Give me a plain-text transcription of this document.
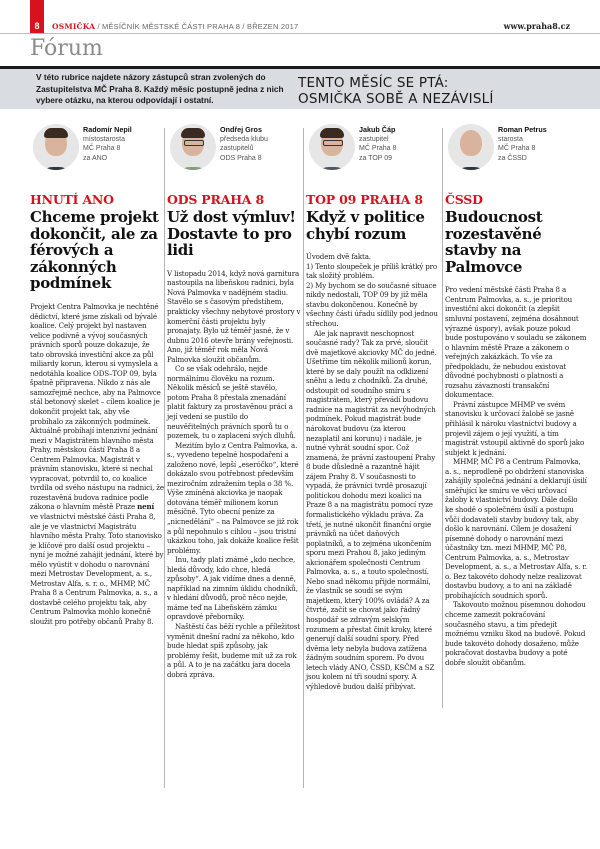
8	OSMIČKA / MĚSÍČNÍK MĚSTSKÉ ČÁSTI PRAHA 8 / BŘEZEN 2017	www.praha8.cz
Fórum
V této rubrice najdete názory zástupců stran zvolených do Zastupitelstva MČ Praha 8. Každý měsíc postupně jedna z nich vybere otázku, na kterou odpovídají i ostatní.
TENTO MĚSÍC SE PTÁ:
OSMIČKA SOBĚ A NEZÁVISLÍ
Radomír Nepil
místostarosta
MČ Praha 8
za ANO
HNUTÍ ANO
Chceme projekt dokončit, ale za férových a zákonných podmínek

Projekt Centra Palmovka je nechtěné dědictví, které jsme získali od bývalé koalice. Celý projekt byl nastaven velice podivně a vývoj současných právních sporů pouze dokazuje, že tato obrovská investiční akce za půl miliardy korun, kterou si vymyslela a nedotáhla koalice ODS–TOP 09, byla špatně připravena. Nikdo z nás ale samozřejmě nechce, aby na Palmovce stál betonový skelet – cílem koalice je dokončit projekt tak, aby vše probíhalo za zákonných podmínek. Aktuálně probíhají intenzivní jednání mezi v Magistrátem hlavního města Prahy, městskou částí Praha 8 a Centrem Palmovka. Magistrát v právním stanovisku, které si nechal vypracovat, potvrdil to, co koalice tvrdila od svého nástupu na radnici, že rozestavěná budova radnice podle zákona o hlavním městě Praze není ve vlastnictví městské části Praha 8, ale je ve vlastnictví Magistrátu hlavního města Prahy. Toto stanovisko je klíčové pro další osud projektu – nyní je možné zahájit jednání, které by mělo vyústit v dohodu o narovnání mezi Metrostav Development, a. s., Metrostav Alfa, s. r. o., MHMP, MČ Praha 8 a Centrum Palmovka, a. s., a dostavbě celého projektu tak, aby Centrum Palmovka mohlo konečně sloužit pro potřeby občanů Prahy 8.

Ondřej Gros
předseda klubu
zastupitelů
ODS Praha 8
ODS PRAHA 8
Už dost výmluv! Dostavte to pro lidi

V listopadu 2014, když nová garnitura nastoupila na libeňskou radnici, byla Nová Palmovka v nadějném stadiu. Stavělo se s časovým předstihem, prakticky všechny nebytové prostory v komerční části projektu byly pronajaty. Bylo už téměř jasné, že v dubnu 2016 otevře brány veřejnosti. Ano, již téměř rok měla Nová Palmovka sloužit občanům.

Co se však odehrálo, nejde normálnímu člověku na rozum. Několik měsíců se ještě stavělo, potom Praha 8 přestala znenadání platit faktury za prostavěnou práci a její vedení se pustilo do neuvěřitelných právních sporů tu o pozemek, tu o zaplacení svých dluhů.

Mezitím bylo z Centra Palmovka, a. s., vyvedeno tepelné hospodaření a založeno nové, lepší „eseróčko“, které dokázalo svou potřebnost především meziročním zdražením tepla o 38 %. Výše zmíněná akciovka je naopak dotována téměř milionem korun měsíčně. Tyto obecní peníze za „nicnedělání“ – na Palmovce se již rok a půl nepohnulo s cihlou – jsou tristní ukázkou toho, jak dokáže koalice řešit problémy.

Inu, tady platí známé „kdo nechce, hledá důvody, kdo chce, hledá způsoby“. A jak vidíme dnes a denně, například na zimním úklidu chodníků, v hledání důvodů, proč něco nejde, máme teď na Libeňském zámku opravdové přeborníky.

Naštěstí čas běží rychle a příležitost vyměnit dnešní radní za někoho, kdo bude hledat spíš způsoby, jak problémy řešit, budeme mít už za rok a půl. A to je na začátku jara docela dobrá zpráva.

Jakub Čáp
zastupitel
MČ Praha 8
za TOP 09
TOP 09 PRAHA 8
Když v politice chybí rozum

Úvodem dvě fakta.

1) Tento sloupeček je příliš krátký pro tak složitý problém.

2) My bychom se do současné situace nikdy nedostali, TOP 09 by již měla stavbu dokončenou. Konečně by všechny části úřadu sídlily pod jednou střechou.

Ale jak napravit neschopnost současné rady? Tak za prvé, sloučit dvě majetkové akciovky MČ do jedné. Ušetříme tím několik milionů korun, které by se daly použít na odklizení sněhu a ledu z chodníků. Za druhé, odstoupit od soudního smíru s magistrátem, který převádí budovu radnice na magistrát za nevýhodných podmínek. Pokud magistrát bude nárokovat budovu (za kterou nezaplatil ani korunu) i nadále, je nutné vyhrát soudní spor. Což znamená, že právní zastoupení Prahy 8 bude důsledně a razantně hájit zájem Prahy 8. V současnosti to vypadá, že právníci tvrdě prosazují politickou dohodu mezi koalicí na Praze 8 a na magistrátu pomocí ryze formalistického výkladu práva. Za třetí, je nutné ukončit finanční orgie právníků na účet daňových poplatníků, a to zejména ukončením sporu mezi Prahou 8, jako jediným akcionářem společnosti Centrum Palmovka, a. s., a touto společností. Nebo snad někomu přijde normální, že vlastník se soudí se svým majetkem, který 100% ovládá? A za čtvrté, začít se chovat jako řádný hospodář se zdravým selským rozumem a přestat činit kroky, které generují další soudní spory. Před dvěma lety nebyla budova zatížena žádným soudním sporem. Po dvou letech vlády ANO, ČSSD, KSČM a SZ jsou kolem ní tři soudní spory. A výhledově budou další přibývat.

Roman Petrus
starosta
MČ Praha 8
za ČSSD
ČSSD
Budoucnost rozestavěné stavby na Palmovce

Pro vedení městské části Praha 8 a Centrum Palmovka, a. s., je prioritou investiční akci dokončit (a zlepšit smluvní postavení, zejména dosáhnout výrazné úspory), avšak pouze pokud bude postupováno v souladu se zákonem o hlavním městě Praze a zákonem o veřejných zakázkách. To vše za předpokladu, že nebudou existovat důvodné pochybnosti o platnosti a rozsahu závaznosti transakční dokumentace.

Právní zástupce MHMP ve svém stanovisku k určovací žalobě se jasně přihlásil k nároku vlastnictví budovy a projevil zájem o její využití, a tím magistrát vstoupil aktivně do sporů jako subjekt k jednání.

MHMP, MČ P8 a Centrum Palmovka, a. s., neprodleně po obdržení stanoviska zahájily společná jednání a deklarují úsilí směřující ke smíru ve věci určovací žaloby k vlastnictví budovy. Dále došlo ke shodě o společném úsilí a postupu vůči dodavateli stavby budovy tak, aby došlo k narovnání. Cílem je dosažení písemné dohody o narovnání mezi účastníky tzn. mezi MHMP, MČ P8, Centrum Palmovka, a. s., Metrostav Development, a. s., a Metrostav Alfa, s. r. o. Bez takovéto dohody nelze realizovat dostavbu budovy, a to ani na základě probíhajících soudních sporů.

Takovouto možnou písemnou dohodou chceme zamezit pokračování současného stavu, a tím předejít možnému vzniku škod na budově. Pokud bude takovéto dohody dosaženo, může pokračovat dostavba budovy a poté dobře sloužit občanům.
